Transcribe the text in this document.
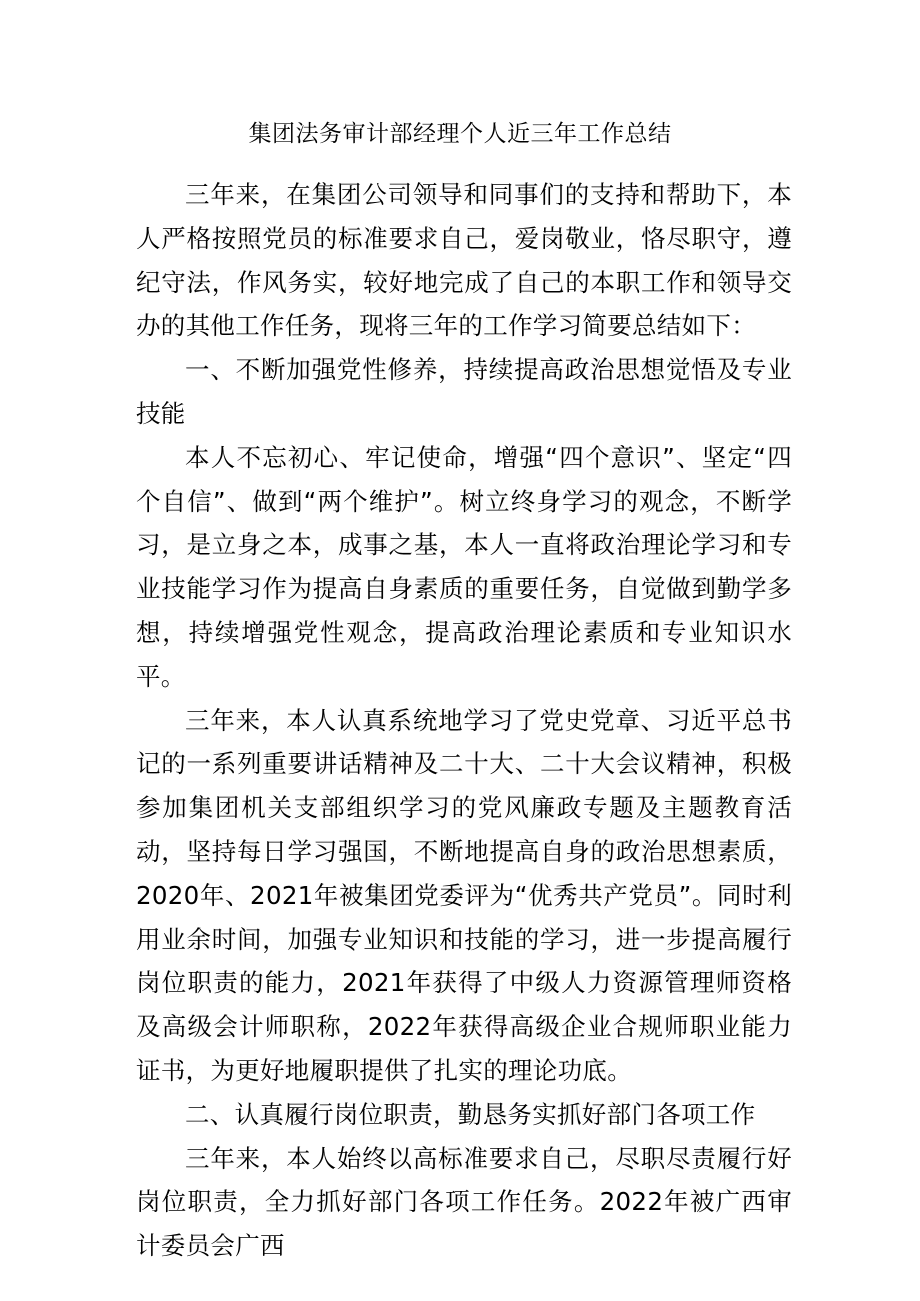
集团法务审计部经理个人近三年工作总结

三年来，在集团公司领导和同事们的支持和帮助下，本人严格按照党员的标准要求自己，爱岗敬业，恪尽职守，遵纪守法，作风务实，较好地完成了自己的本职工作和领导交办的其他工作任务，现将三年的工作学习简要总结如下：

一、不断加强党性修养，持续提高政治思想觉悟及专业技能

本人不忘初心、牢记使命，增强“四个意识”、坚定“四个自信”、做到“两个维护”。树立终身学习的观念，不断学习，是立身之本，成事之基，本人一直将政治理论学习和专业技能学习作为提高自身素质的重要任务，自觉做到勤学多想，持续增强党性观念，提高政治理论素质和专业知识水平。

三年来，本人认真系统地学习了党史党章、习近平总书记的一系列重要讲话精神及二十大、二十大会议精神，积极参加集团机关支部组织学习的党风廉政专题及主题教育活动，坚持每日学习强国，不断地提高自身的政治思想素质，2020年、2021年被集团党委评为“优秀共产党员”。同时利用业余时间，加强专业知识和技能的学习，进一步提高履行岗位职责的能力，2021年获得了中级人力资源管理师资格及高级会计师职称，2022年获得高级企业合规师职业能力证书，为更好地履职提供了扎实的理论功底。

二、认真履行岗位职责，勤恳务实抓好部门各项工作

三年来，本人始终以高标准要求自己，尽职尽责履行好岗位职责，全力抓好部门各项工作任务。2022年被广西审计委员会广西
